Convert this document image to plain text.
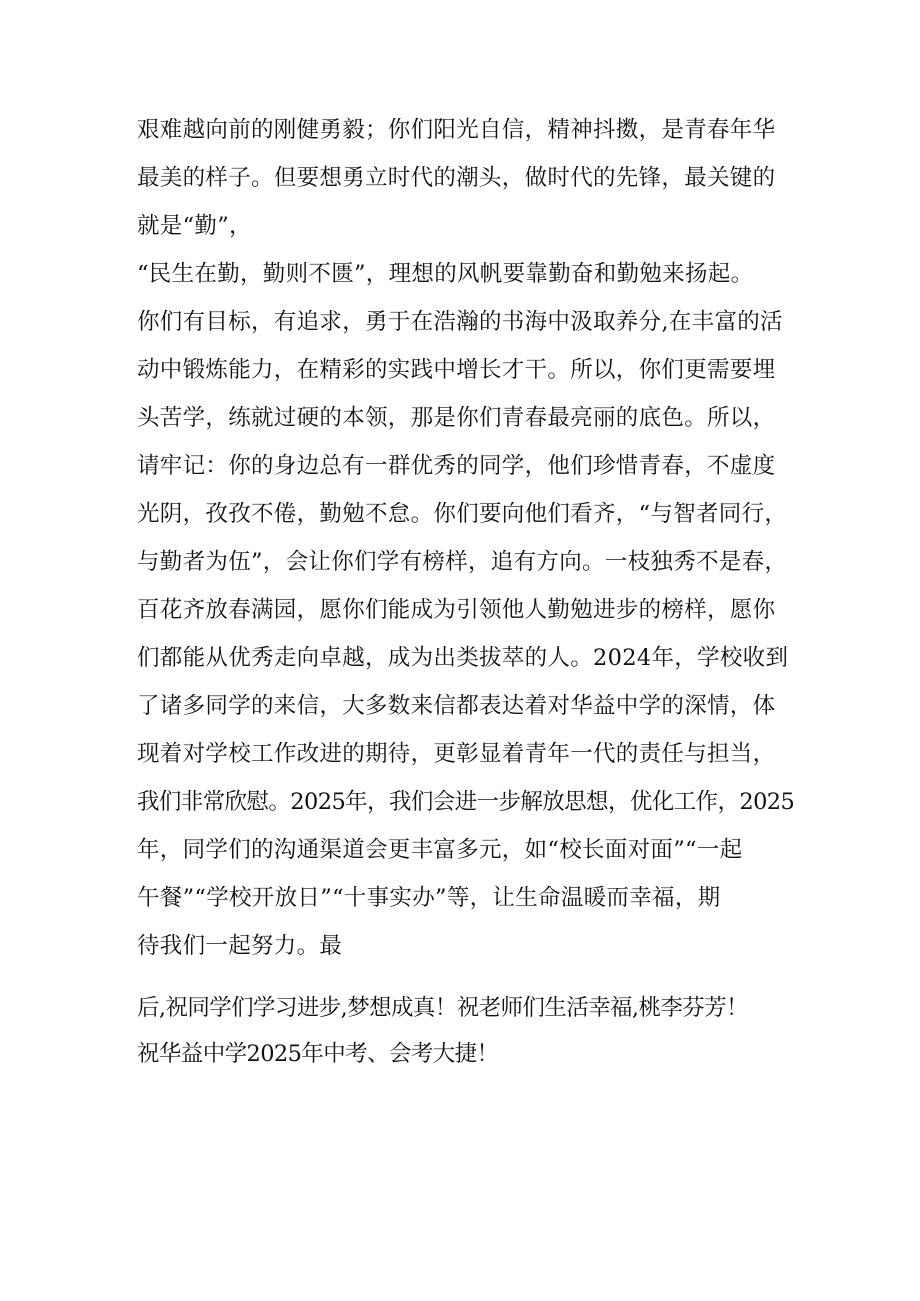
艰难越向前的刚健勇毅；你们阳光自信，精神抖擞，是青春年华
最美的样子。但要想勇立时代的潮头，做时代的先锋，最关键的
就是“勤”，
“民生在勤，勤则不匮”，理想的风帆要靠勤奋和勤勉来扬起。
你们有目标，有追求，勇于在浩瀚的书海中汲取养分,在丰富的活
动中锻炼能力，在精彩的实践中增长才干。所以，你们更需要埋
头苦学，练就过硬的本领，那是你们青春最亮丽的底色。所以，
请牢记：你的身边总有一群优秀的同学，他们珍惜青春，不虚度
光阴，孜孜不倦，勤勉不怠。你们要向他们看齐，“与智者同行，
与勤者为伍”，会让你们学有榜样，追有方向。一枝独秀不是春，
百花齐放春满园，愿你们能成为引领他人勤勉进步的榜样，愿你
们都能从优秀走向卓越，成为出类拔萃的人。2024年，学校收到
了诸多同学的来信，大多数来信都表达着对华益中学的深情，体
现着对学校工作改进的期待，更彰显着青年一代的责任与担当，
我们非常欣慰。2025年，我们会进一步解放思想，优化工作，2025
年，同学们的沟通渠道会更丰富多元，如“校长面对面”“一起
午餐”“学校开放日”“十事实办”等，让生命温暖而幸福，期
待我们一起努力。最
后,祝同学们学习进步,梦想成真！祝老师们生活幸福,桃李芬芳！
祝华益中学2025年中考、会考大捷！
